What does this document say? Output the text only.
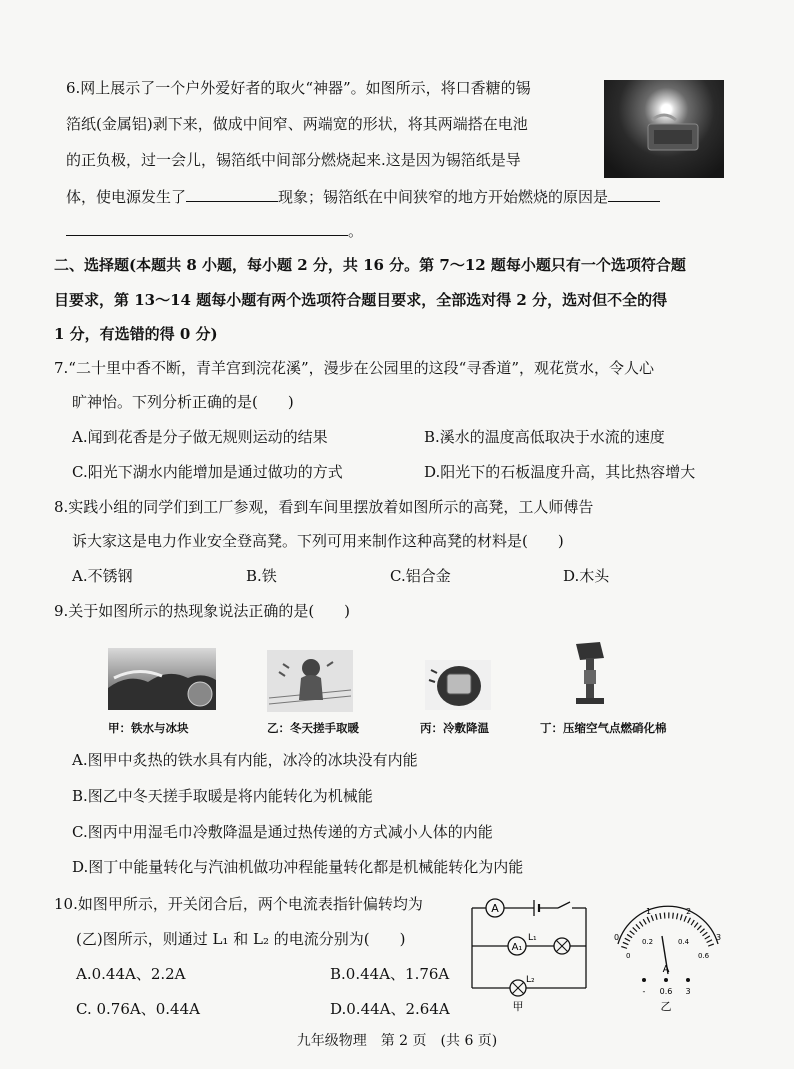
6.网上展示了一个户外爱好者的取火“神器”。如图所示，将口香糖的锡
箔纸(金属铝)剥下来，做成中间窄、两端宽的形状，将其两端搭在电池
的正负极，过一会儿，锡箔纸中间部分燃烧起来.这是因为锡箔纸是导
体，使电源发生了	现象；锡箔纸在中间狭窄的地方开始燃烧的原因是
。
二、选择题(本题共 8 小题，每小题 2 分，共 16 分。第 7～12 题每小题只有一个选项符合题
目要求，第 13～14 题每小题有两个选项符合题目要求，全部选对得 2 分，选对但不全的得
1 分，有选错的得 0 分)
7.“二十里中香不断，青羊宫到浣花溪”，漫步在公园里的这段“寻香道”，观花赏水，令人心
旷神怡。下列分析正确的是(　　)
A.闻到花香是分子做无规则运动的结果	B.溪水的温度高低取决于水流的速度
C.阳光下湖水内能增加是通过做功的方式	D.阳光下的石板温度升高，其比热容增大
8.实践小组的同学们到工厂参观，看到车间里摆放着如图所示的高凳，工人师傅告
诉大家这是电力作业安全登高凳。下列可用来制作这种高凳的材料是(　　)
A.不锈钢	B.铁	C.铝合金	D.木头
9.关于如图所示的热现象说法正确的是(　　)
甲：铁水与冰块	乙：冬天搓手取暖	丙：冷敷降温	丁：压缩空气点燃硝化棉
A.图甲中炙热的铁水具有内能，冰冷的冰块没有内能
B.图乙中冬天搓手取暖是将内能转化为机械能
C.图丙中用湿毛巾冷敷降温是通过热传递的方式减小人体的内能
D.图丁中能量转化与汽油机做功冲程能量转化都是机械能转化为内能
10.如图甲所示，开关闭合后，两个电流表指针偏转均为
(乙)图所示，则通过 L₁ 和 L₂ 的电流分别为(　　)
A.0.44A、2.2A	B.0.44A、1.76A
C. 0.76A、0.44A	D.0.44A、2.64A
A
A₁
L₁
L₂
甲
0
1	2
3
0
0.2	0.4
0.6
A
- 0.6 3
乙
九年级物理　第 2 页　(共 6 页)
